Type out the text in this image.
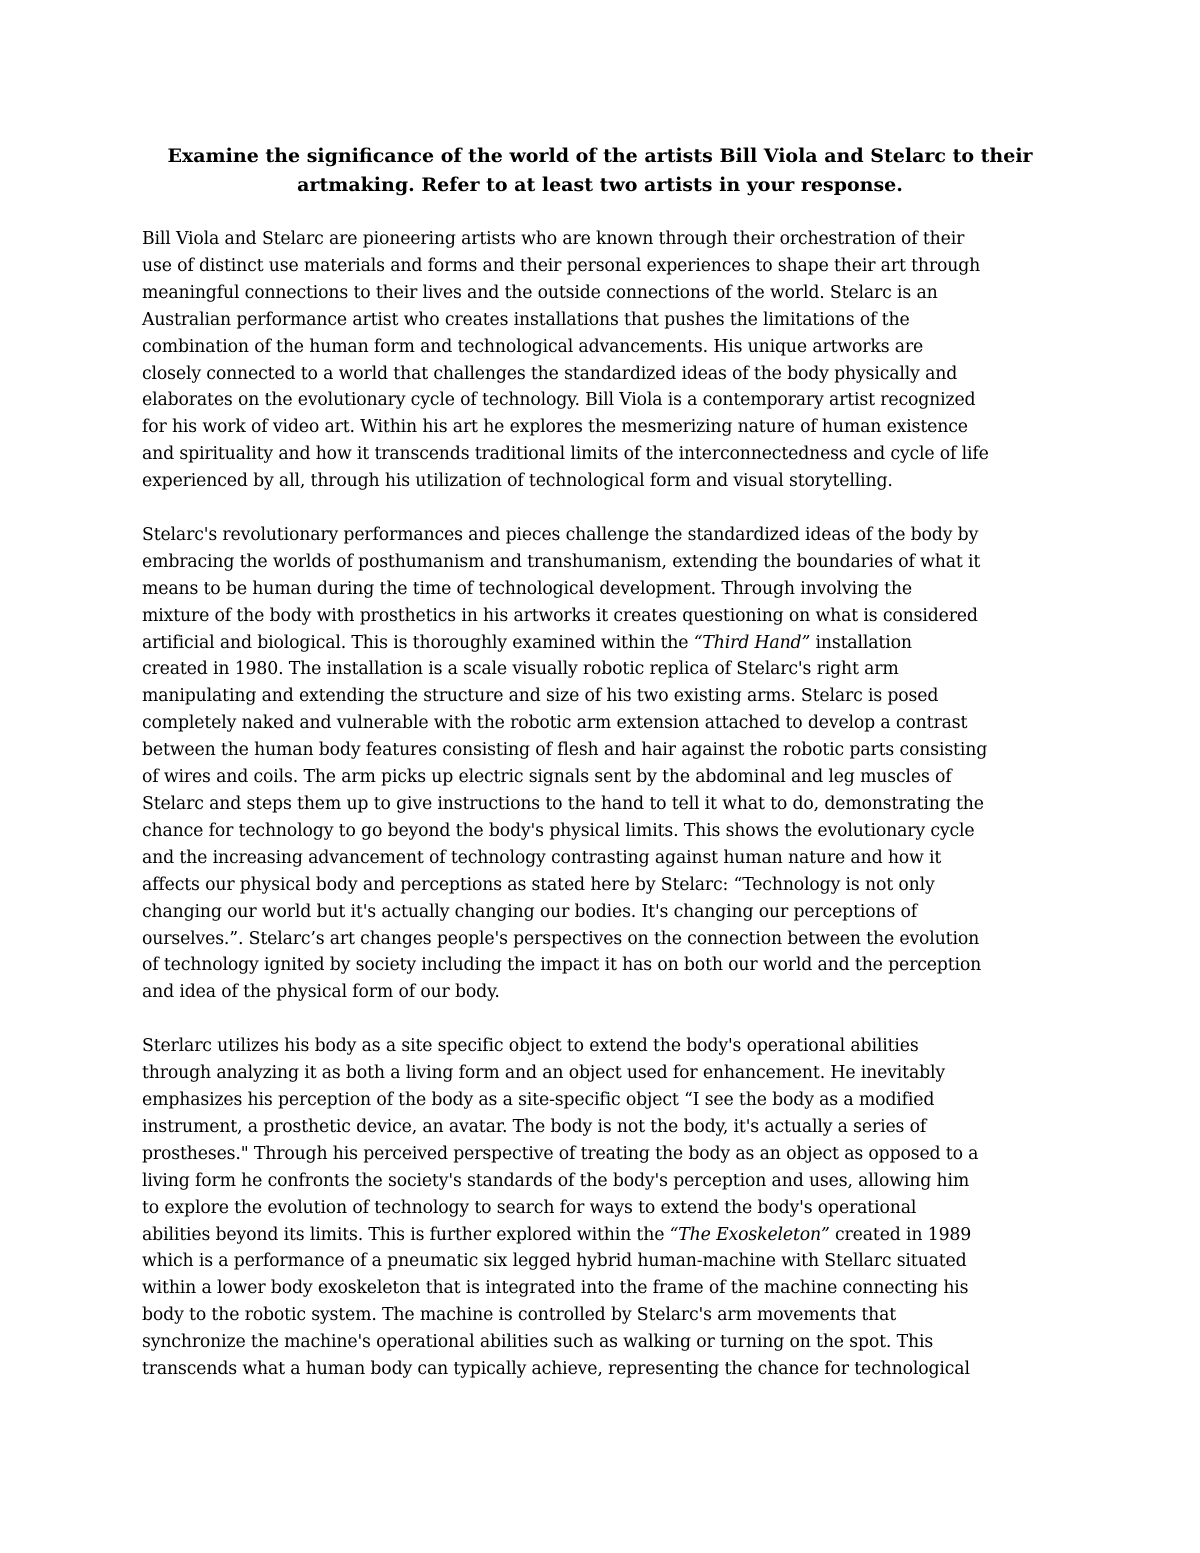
Examine the significance of the world of the artists Bill Viola and Stelarc to their
artmaking. Refer to at least two artists in your response.

Bill Viola and Stelarc are pioneering artists who are known through their orchestration of their
use of distinct use materials and forms and their personal experiences to shape their art through
meaningful connections to their lives and the outside connections of the world. Stelarc is an
Australian performance artist who creates installations that pushes the limitations of the
combination of the human form and technological advancements. His unique artworks are
closely connected to a world that challenges the standardized ideas of the body physically and
elaborates on the evolutionary cycle of technology. Bill Viola is a contemporary artist recognized
for his work of video art. Within his art he explores the mesmerizing nature of human existence
and spirituality and how it transcends traditional limits of the interconnectedness and cycle of life
experienced by all, through his utilization of technological form and visual storytelling.

Stelarc's revolutionary performances and pieces challenge the standardized ideas of the body by
embracing the worlds of posthumanism and transhumanism, extending the boundaries of what it
means to be human during the time of technological development. Through involving the
mixture of the body with prosthetics in his artworks it creates questioning on what is considered
artificial and biological. This is thoroughly examined within the “Third Hand” installation
created in 1980. The installation is a scale visually robotic replica of Stelarc's right arm
manipulating and extending the structure and size of his two existing arms. Stelarc is posed
completely naked and vulnerable with the robotic arm extension attached to develop a contrast
between the human body features consisting of flesh and hair against the robotic parts consisting
of wires and coils. The arm picks up electric signals sent by the abdominal and leg muscles of
Stelarc and steps them up to give instructions to the hand to tell it what to do, demonstrating the
chance for technology to go beyond the body's physical limits. This shows the evolutionary cycle
and the increasing advancement of technology contrasting against human nature and how it
affects our physical body and perceptions as stated here by Stelarc: “Technology is not only
changing our world but it's actually changing our bodies. It's changing our perceptions of
ourselves.”. Stelarc’s art changes people's perspectives on the connection between the evolution
of technology ignited by society including the impact it has on both our world and the perception
and idea of the physical form of our body.

Sterlarc utilizes his body as a site specific object to extend the body's operational abilities
through analyzing it as both a living form and an object used for enhancement. He inevitably
emphasizes his perception of the body as a site-specific object “I see the body as a modified
instrument, a prosthetic device, an avatar. The body is not the body, it's actually a series of
prostheses." Through his perceived perspective of treating the body as an object as opposed to a
living form he confronts the society's standards of the body's perception and uses, allowing him
to explore the evolution of technology to search for ways to extend the body's operational
abilities beyond its limits. This is further explored within the “The Exoskeleton” created in 1989
which is a performance of a pneumatic six legged hybrid human-machine with Stellarc situated
within a lower body exoskeleton that is integrated into the frame of the machine connecting his
body to the robotic system. The machine is controlled by Stelarc's arm movements that
synchronize the machine's operational abilities such as walking or turning on the spot. This
transcends what a human body can typically achieve, representing the chance for technological
